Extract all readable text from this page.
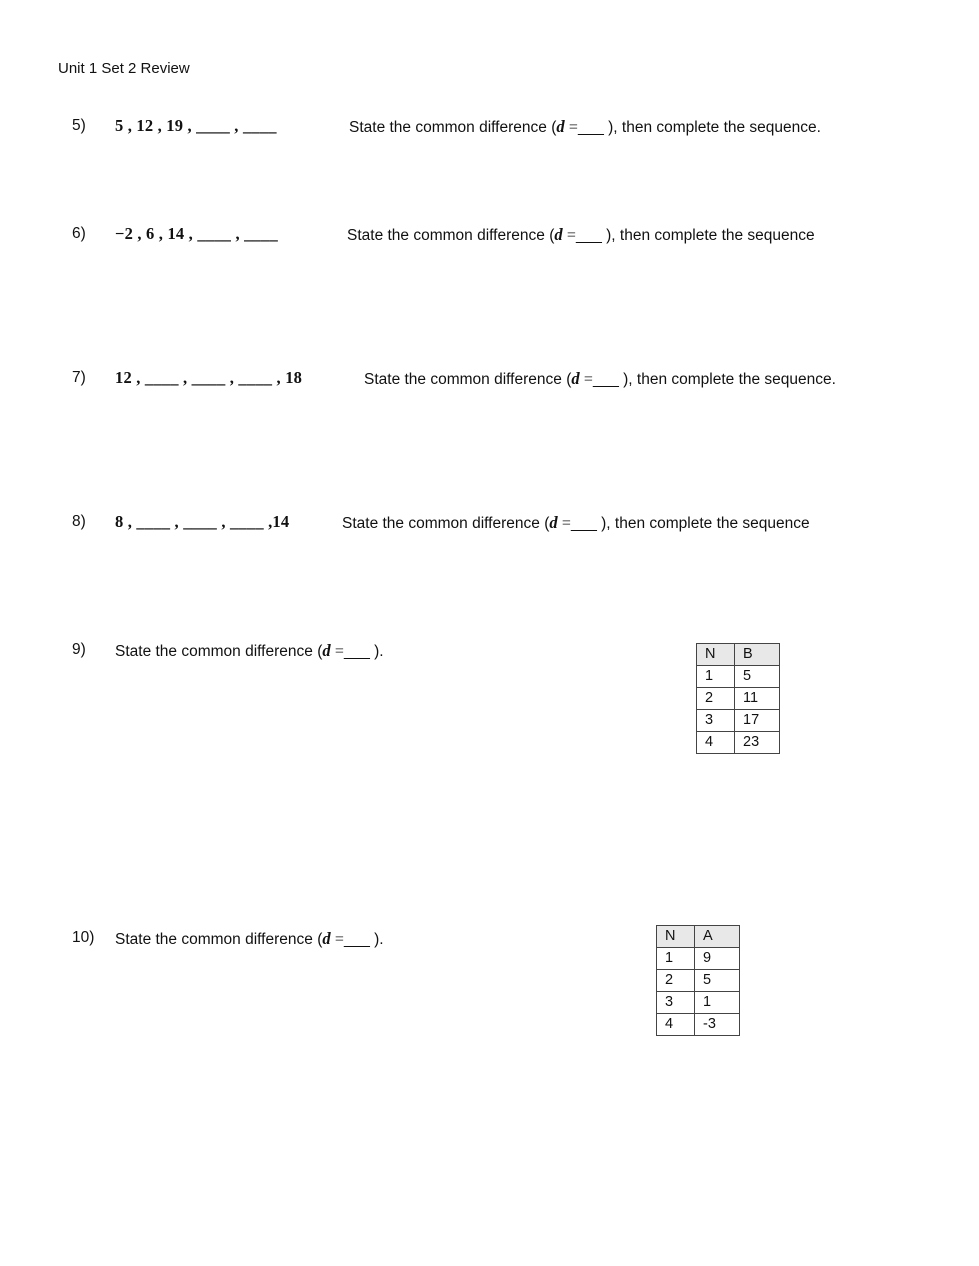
Unit 1 Set 2 Review
5) 5 , 12 , 19 , ____ , ____	State the common difference (d =___ ), then complete the sequence.
6) −2 , 6 , 14 , ____ , ____	State the common difference (d =___ ), then complete the sequence
7) 12 , ____ , ____ , ____ , 18	State the common difference (d =___ ), then complete the sequence.
8) 8 , ____ , ____ , ____ ,14	State the common difference (d =___ ), then complete the sequence
9) State the common difference (d =___ ).	N	B
1	5
2	11
3	17
4	23
10) State the common difference (d =___ ).	N	A
1	9
2	5
3	1
4	-3
